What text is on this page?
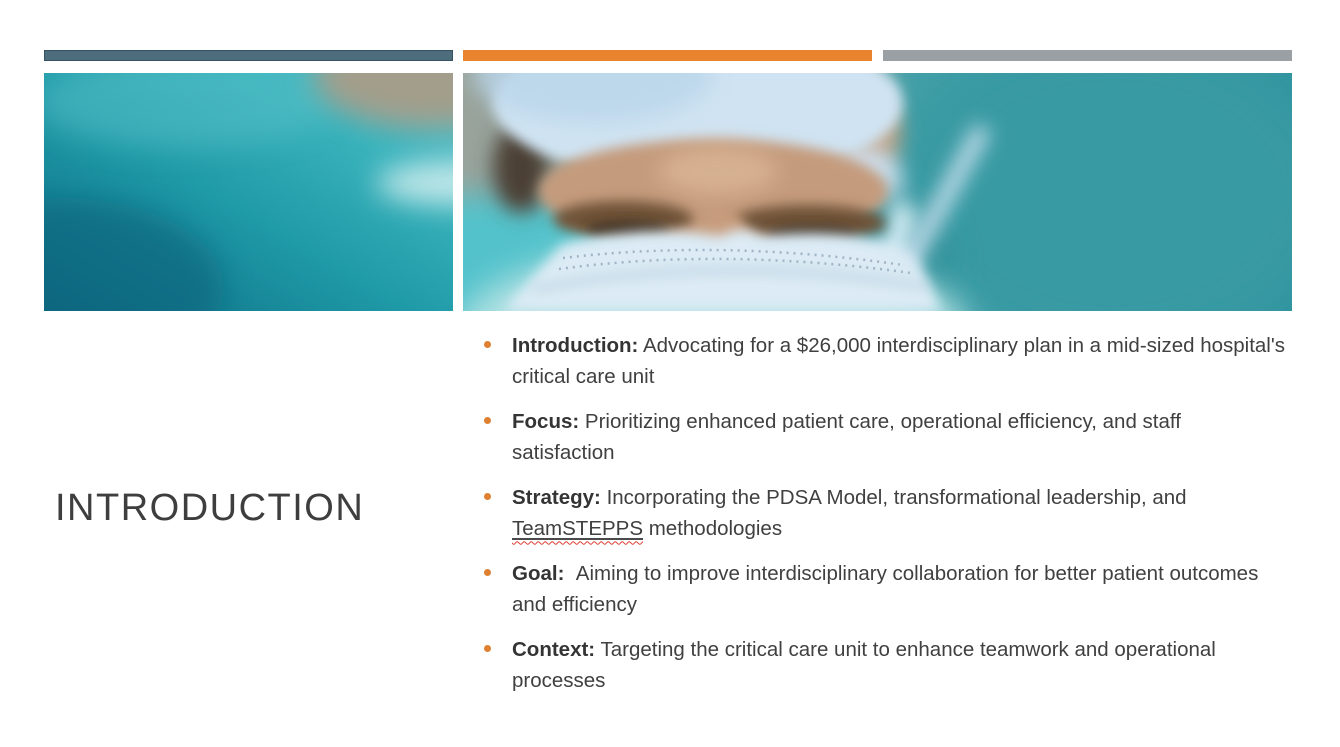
INTRODUCTION

Introduction: Advocating for a $26,000 interdisciplinary plan in a mid-sized hospital's critical care unit

Focus: Prioritizing enhanced patient care, operational efficiency, and staff satisfaction

Strategy: Incorporating the PDSA Model, transformational leadership, and TeamSTEPPS methodologies

Goal:  Aiming to improve interdisciplinary collaboration for better patient outcomes and efficiency

Context: Targeting the critical care unit to enhance teamwork and operational processes
